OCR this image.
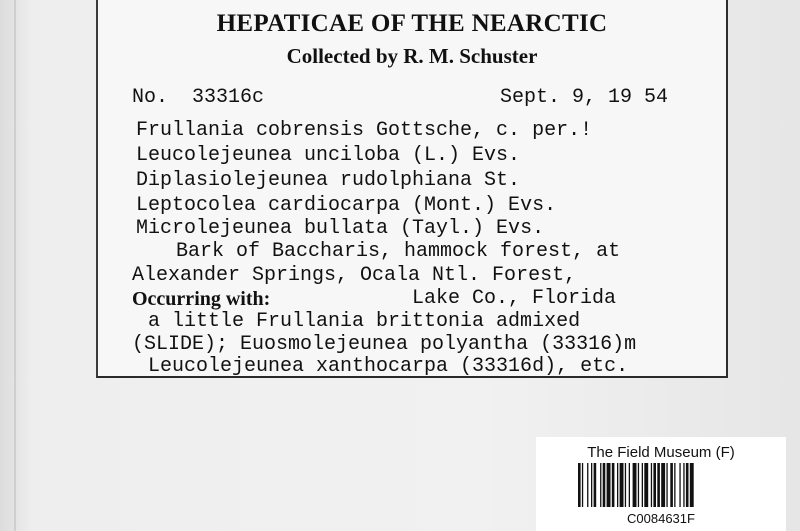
HEPATICAE OF THE NEARCTIC
Collected by R. M. Schuster
No.  33316c	Sept. 9, 19 54
Frullania cobrensis Gottsche, c. per.!
Leucolejeunea unciloba (L.) Evs.
Diplasiolejeunea rudolphiana St.
Leptocolea cardiocarpa (Mont.) Evs.
Microlejeunea bullata (Tayl.) Evs.
Bark of Baccharis, hammock forest, at
Alexander Springs, Ocala Ntl. Forest,
Occurring with:	Lake Co., Florida
a little Frullania brittonia admixed
(SLIDE); Euosmolejeunea polyantha (33316)m
Leucolejeunea xanthocarpa (33316d), etc.
The Field Museum (F)
C0084631F
